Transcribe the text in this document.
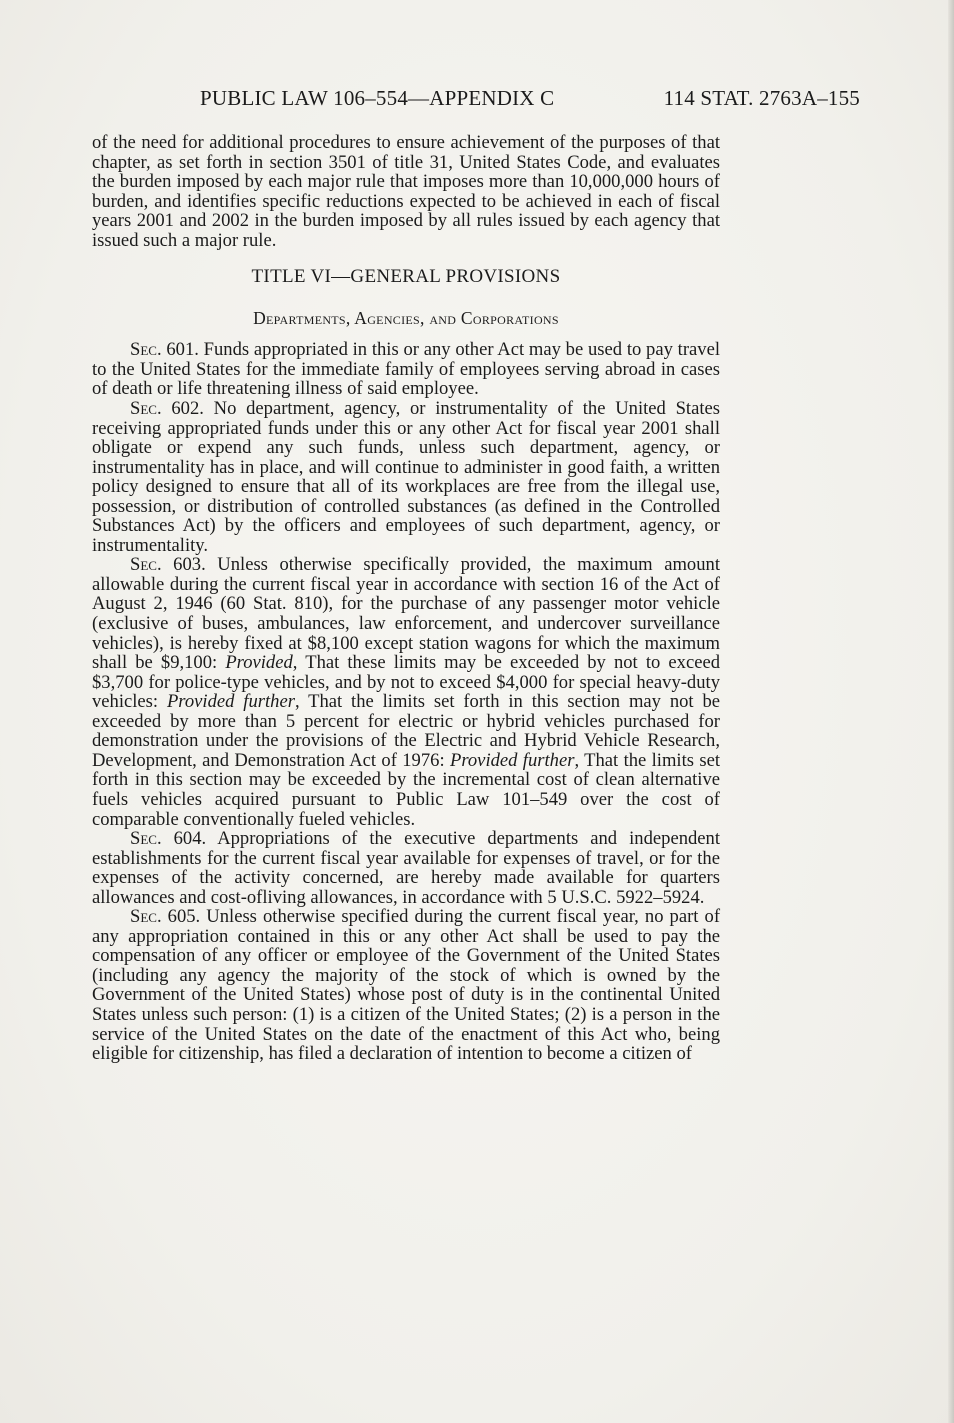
PUBLIC LAW 106–554—APPENDIX C	114 STAT. 2763A–155

of the need for additional procedures to ensure achievement of the purposes of that chapter, as set forth in section 3501 of title 31, United States Code, and evaluates the burden imposed by each major rule that imposes more than 10,000,000 hours of burden, and identifies specific reductions expected to be achieved in each of fiscal years 2001 and 2002 in the burden imposed by all rules issued by each agency that issued such a major rule.

TITLE VI—GENERAL PROVISIONS
Departments, Agencies, and Corporations

Sec. 601. Funds appropriated in this or any other Act may be used to pay travel to the United States for the immediate family of employees serving abroad in cases of death or life threatening illness of said employee.

Sec. 602. No department, agency, or instrumentality of the United States receiving appropriated funds under this or any other Act for fiscal year 2001 shall obligate or expend any such funds, unless such department, agency, or instrumentality has in place, and will continue to administer in good faith, a written policy designed to ensure that all of its workplaces are free from the illegal use, possession, or distribution of controlled substances (as defined in the Controlled Substances Act) by the officers and employees of such department, agency, or instrumentality.

Sec. 603. Unless otherwise specifically provided, the maximum amount allowable during the current fiscal year in accordance with section 16 of the Act of August 2, 1946 (60 Stat. 810), for the purchase of any passenger motor vehicle (exclusive of buses, ambulances, law enforcement, and undercover surveillance vehicles), is hereby fixed at $8,100 except station wagons for which the maximum shall be $9,100: Provided, That these limits may be exceeded by not to exceed $3,700 for police-type vehicles, and by not to exceed $4,000 for special heavy-duty vehicles: Provided further, That the limits set forth in this section may not be exceeded by more than 5 percent for electric or hybrid vehicles purchased for demonstration under the provisions of the Electric and Hybrid Vehicle Research, Development, and Demonstration Act of 1976: Provided further, That the limits set forth in this section may be exceeded by the incremental cost of clean alternative fuels vehicles acquired pursuant to Public Law 101–549 over the cost of comparable conventionally fueled vehicles.

Sec. 604. Appropriations of the executive departments and independent establishments for the current fiscal year available for expenses of travel, or for the expenses of the activity concerned, are hereby made available for quarters allowances and cost-ofliving allowances, in accordance with 5 U.S.C. 5922–5924.

Sec. 605. Unless otherwise specified during the current fiscal year, no part of any appropriation contained in this or any other Act shall be used to pay the compensation of any officer or employee of the Government of the United States (including any agency the majority of the stock of which is owned by the Government of the United States) whose post of duty is in the continental United States unless such person: (1) is a citizen of the United States; (2) is a person in the service of the United States on the date of the enactment of this Act who, being eligible for citizenship, has filed a declaration of intention to become a citizen of
